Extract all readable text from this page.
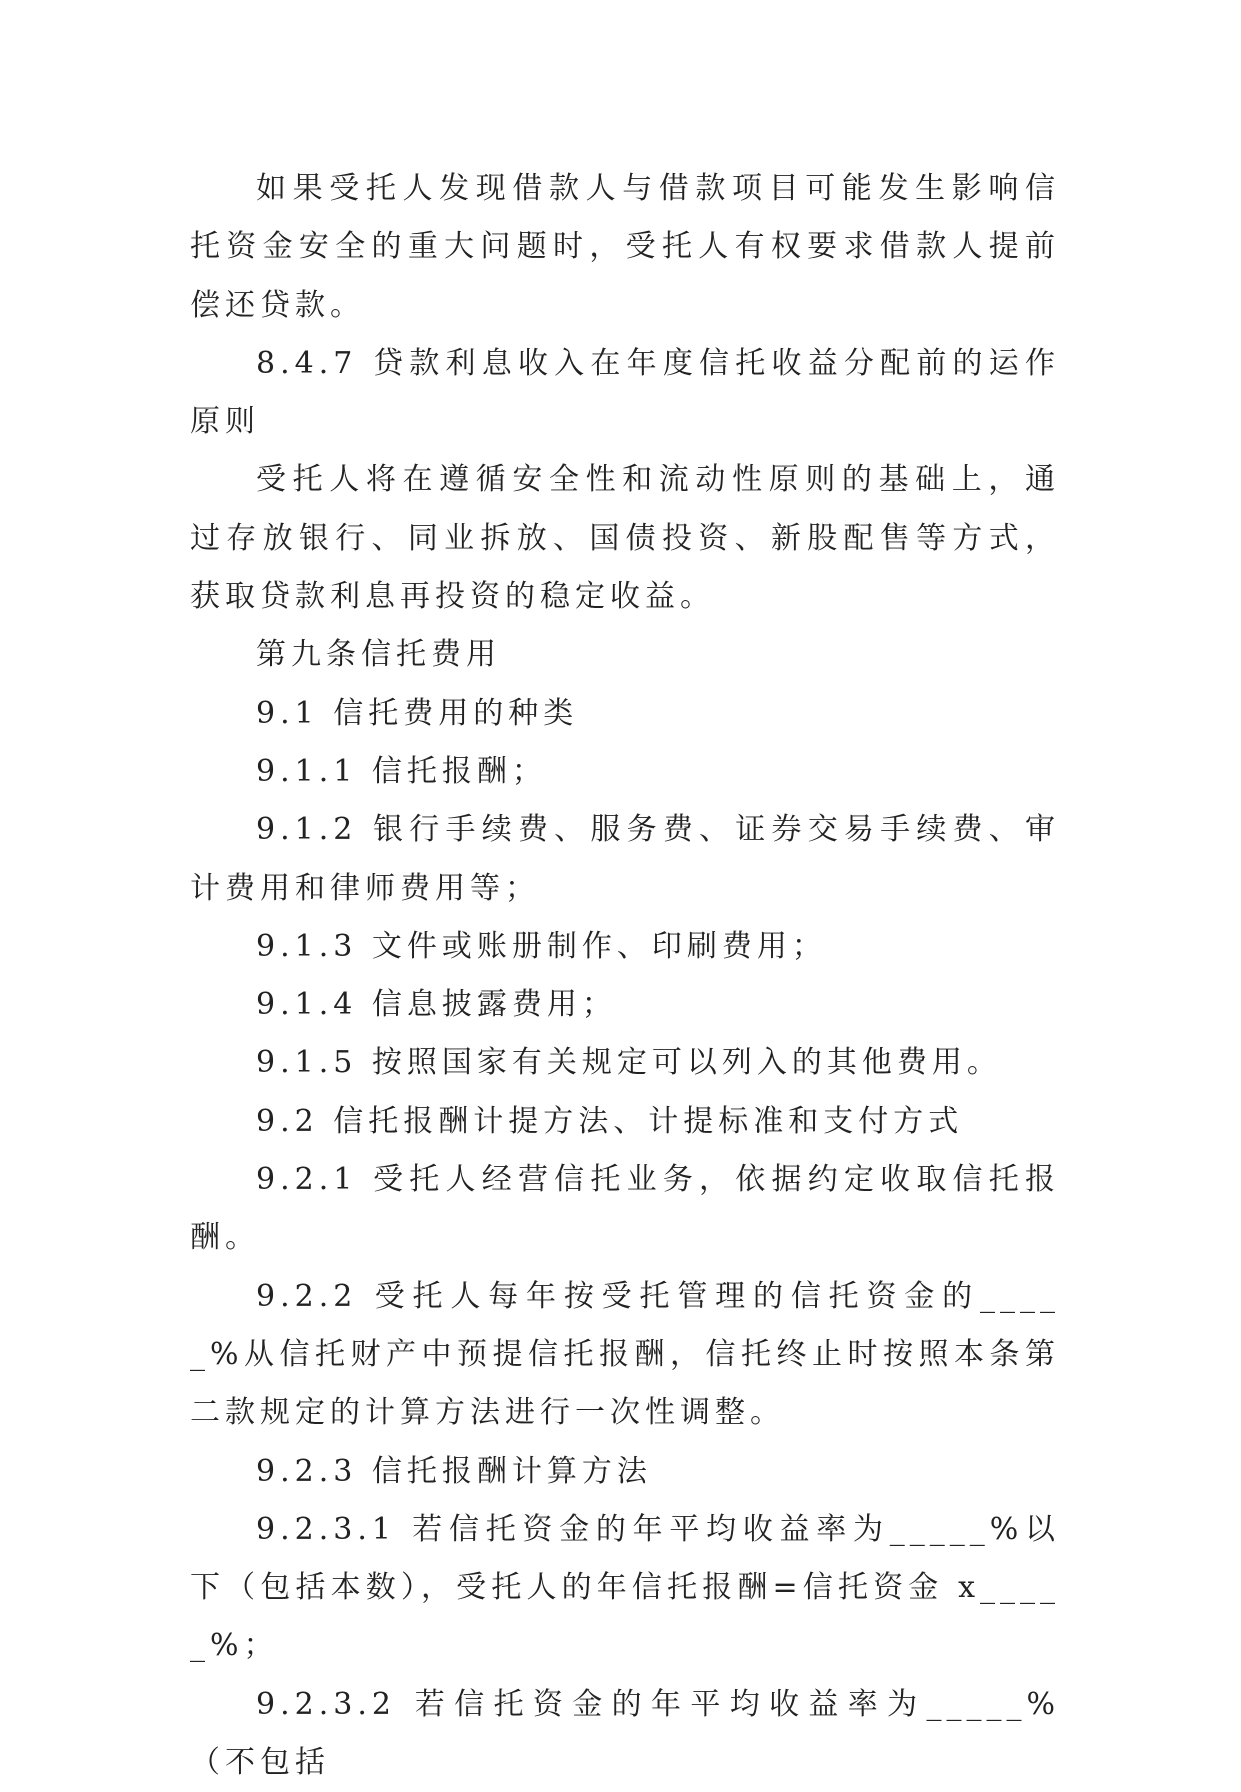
如果受托人发现借款人与借款项目可能发生影响信托资金安全的重大问题时，受托人有权要求借款人提前偿还贷款。

8.4.7 贷款利息收入在年度信托收益分配前的运作原则

受托人将在遵循安全性和流动性原则的基础上，通过存放银行、同业拆放、国债投资、新股配售等方式，获取贷款利息再投资的稳定收益。

第九条信托费用

9.1 信托费用的种类

9.1.1 信托报酬；

9.1.2 银行手续费、服务费、证券交易手续费、审计费用和律师费用等；

9.1.3 文件或账册制作、印刷费用；

9.1.4 信息披露费用；

9.1.5 按照国家有关规定可以列入的其他费用。

9.2 信托报酬计提方法、计提标准和支付方式

9.2.1 受托人经营信托业务，依据约定收取信托报酬。

9.2.2 受托人每年按受托管理的信托资金的_____%从信托财产中预提信托报酬，信托终止时按照本条第二款规定的计算方法进行一次性调整。

9.2.3 信托报酬计算方法

9.2.3.1 若信托资金的年平均收益率为_____%以下（包括本数），受托人的年信托报酬=信托资金 x_____%；

9.2.3.2 若信托资金的年平均收益率为_____%（不包括
